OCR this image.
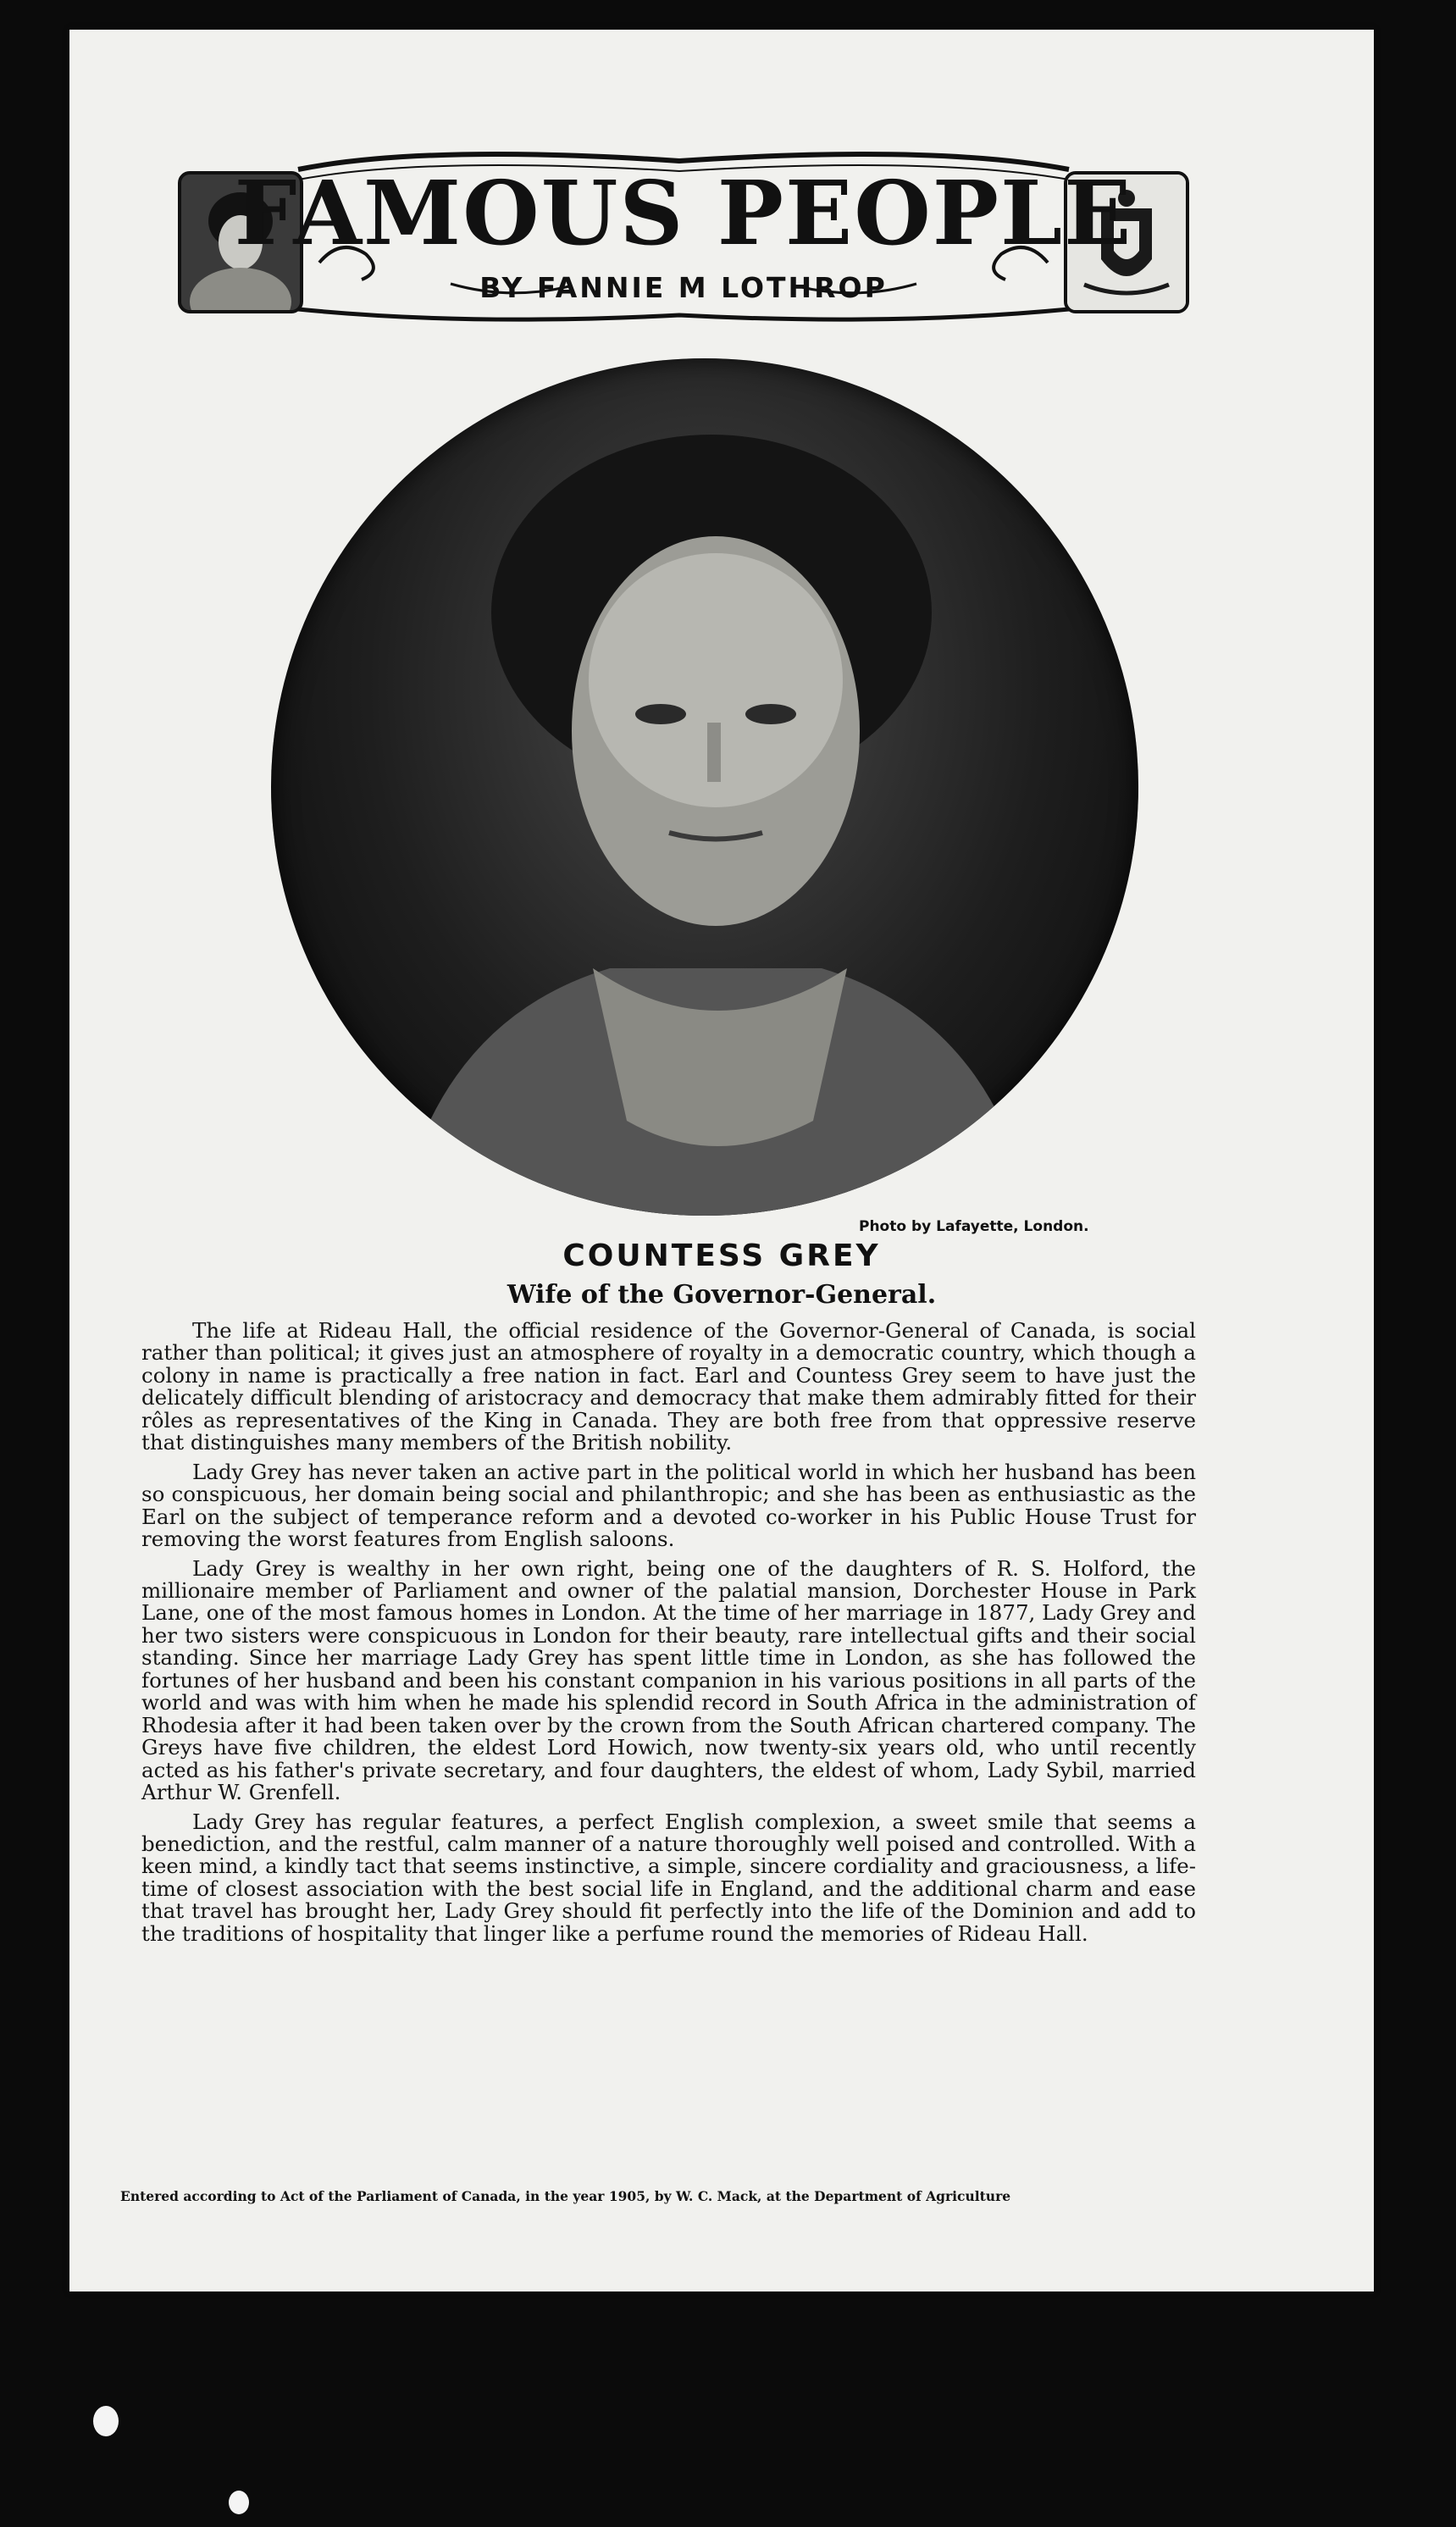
FAMOUS PEOPLE
BY FANNIE M LOTHROP
Photo by Lafayette, London.
COUNTESS GREY
Wife of the Governor-General.

The life at Rideau Hall, the official residence of the Governor-General of Canada, is social rather than political; it gives just an atmosphere of royalty in a democratic country, which though a colony in name is practically a free nation in fact. Earl and Countess Grey seem to have just the delicately difficult blending of aristocracy and democracy that make them admirably fitted for their rôles as representatives of the King in Canada. They are both free from that oppressive reserve that distinguishes many members of the British nobility.

Lady Grey has never taken an active part in the political world in which her husband has been so conspicuous, her domain being social and philanthropic; and she has been as enthusiastic as the Earl on the subject of temperance reform and a devoted co-worker in his Public House Trust for removing the worst features from English saloons.

Lady Grey is wealthy in her own right, being one of the daughters of R. S. Holford, the millionaire member of Parliament and owner of the palatial mansion, Dorchester House in Park Lane, one of the most famous homes in London. At the time of her marriage in 1877, Lady Grey and her two sisters were conspicuous in London for their beauty, rare intellectual gifts and their social standing. Since her marriage Lady Grey has spent little time in London, as she has followed the fortunes of her husband and been his constant companion in his various positions in all parts of the world and was with him when he made his splendid record in South Africa in the administration of Rhodesia after it had been taken over by the crown from the South African chartered company. The Greys have five children, the eldest Lord Howich, now twenty-six years old, who until recently acted as his father's private secretary, and four daughters, the eldest of whom, Lady Sybil, married Arthur W. Grenfell.

Lady Grey has regular features, a perfect English complexion, a sweet smile that seems a benediction, and the restful, calm manner of a nature thoroughly well poised and controlled. With a keen mind, a kindly tact that seems instinctive, a simple, sincere cordiality and graciousness, a life-time of closest association with the best social life in England, and the additional charm and ease that travel has brought her, Lady Grey should fit perfectly into the life of the Dominion and add to the traditions of hospitality that linger like a perfume round the memories of Rideau Hall.

Entered according to Act of the Parliament of Canada, in the year 1905, by W. C. Mack, at the Department of Agriculture
